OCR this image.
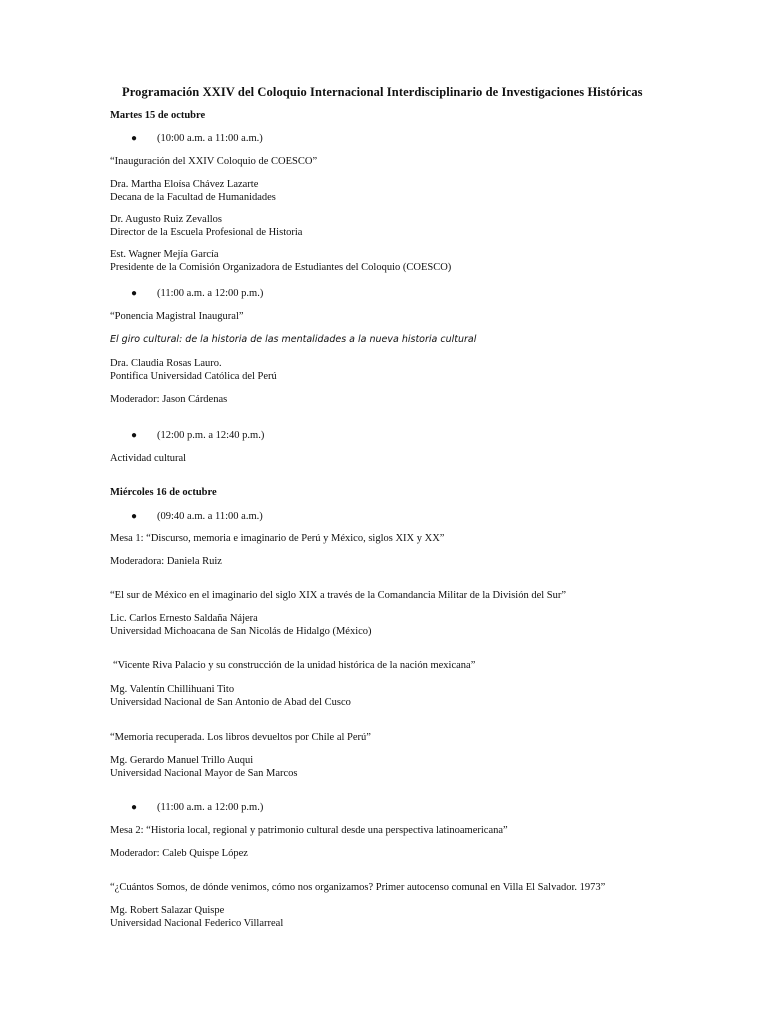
Programación XXIV del Coloquio Internacional Interdisciplinario de Investigaciones Históricas
Martes 15 de octubre
● (10:00 a.m. a 11:00 a.m.)
“Inauguración del XXIV Coloquio de COESCO”
Dra. Martha Eloísa Chávez Lazarte
Decana de la Facultad de Humanidades
Dr. Augusto Ruiz Zevallos
Director de la Escuela Profesional de Historia
Est. Wagner Mejía García
Presidente de la Comisión Organizadora de Estudiantes del Coloquio (COESCO)
● (11:00 a.m. a 12:00 p.m.)
“Ponencia Magistral Inaugural”
El giro cultural: de la historia de las mentalidades a la nueva historia cultural
Dra. Claudia Rosas Lauro.
Pontifica Universidad Católica del Perú
Moderador: Jason Cárdenas
● (12:00 p.m. a 12:40 p.m.)
Actividad cultural
Miércoles 16 de octubre
● (09:40 a.m. a 11:00 a.m.)
Mesa 1: “Discurso, memoria e imaginario de Perú y México, siglos XIX y XX”
Moderadora: Daniela Ruiz
“El sur de México en el imaginario del siglo XIX a través de la Comandancia Militar de la División del Sur”
Lic. Carlos Ernesto Saldaña Nájera
Universidad Michoacana de San Nicolás de Hidalgo (México)
“Vicente Riva Palacio y su construcción de la unidad histórica de la nación mexicana”
Mg. Valentín Chillihuani Tito
Universidad Nacional de San Antonio de Abad del Cusco
“Memoria recuperada. Los libros devueltos por Chile al Perú”
Mg. Gerardo Manuel Trillo Auqui
Universidad Nacional Mayor de San Marcos
● (11:00 a.m. a 12:00 p.m.)
Mesa 2: “Historia local, regional y patrimonio cultural desde una perspectiva latinoamericana”
Moderador: Caleb Quispe López
“¿Cuántos Somos, de dónde venimos, cómo nos organizamos? Primer autocenso comunal en Villa El Salvador. 1973”
Mg. Robert Salazar Quispe
Universidad Nacional Federico Villarreal
